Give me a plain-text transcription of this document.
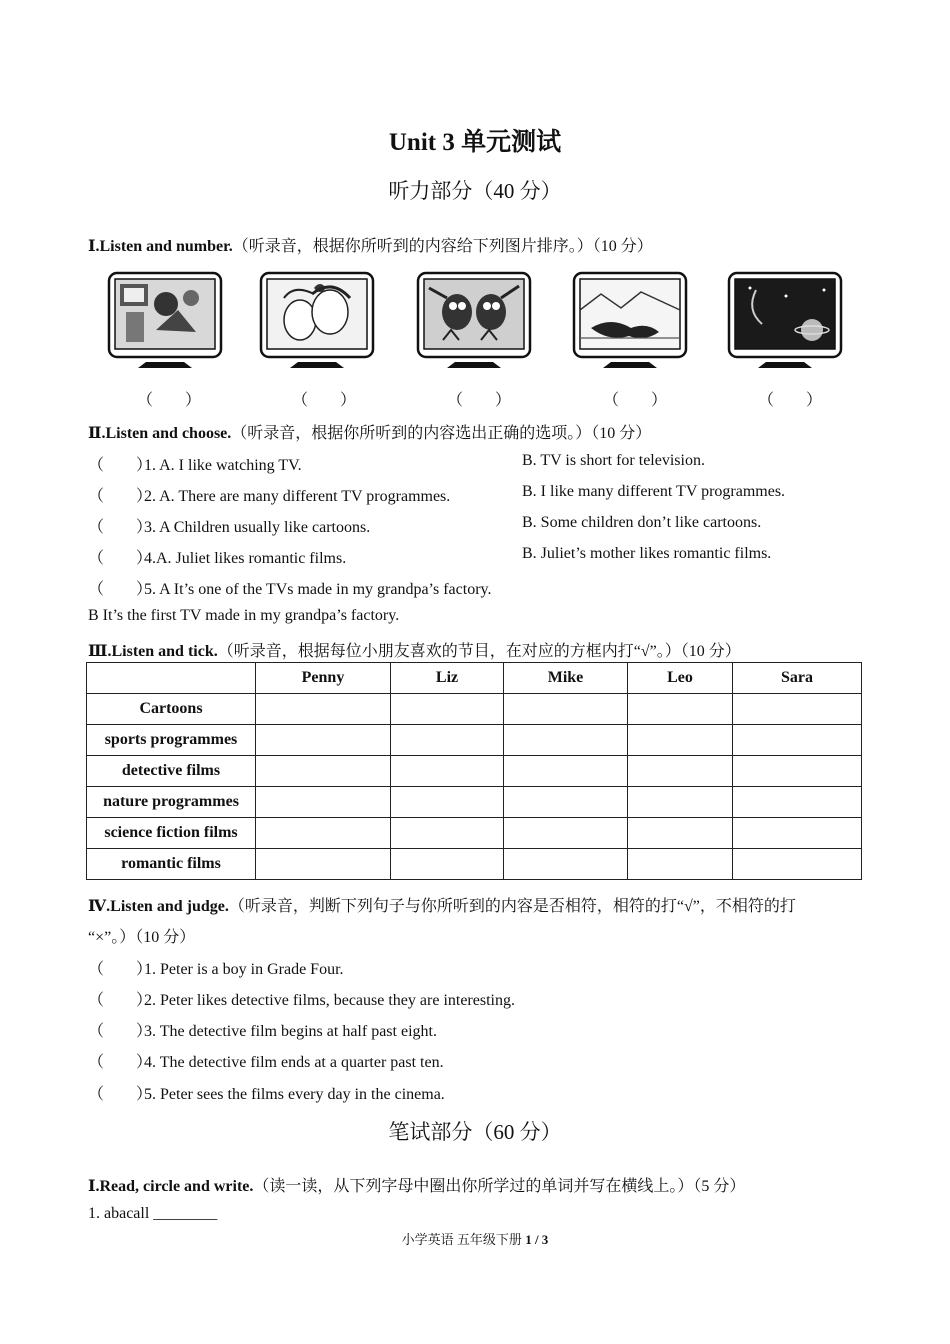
Unit 3 单元测试
听力部分（40 分）
Ⅰ.Listen and number.（听录音，根据你所听到的内容给下列图片排序。）（10 分）
（　　）	（　　）	（　　）	（　　）	（　　）
Ⅱ.Listen and choose.（听录音，根据你所听到的内容选出正确的选项。）（10 分）
（　　）1. A. I like watching TV.	B. TV is short for television.
（　　）2. A. There are many different TV programmes.	B. I like many different TV programmes.
（　　）3. A Children usually like cartoons.	B. Some children don’t like cartoons.
（　　）4.A. Juliet likes romantic films.	B. Juliet’s mother likes romantic films.
（　　）5. A It’s one of the TVs made in my grandpa’s factory.
B It’s the first TV made in my grandpa’s factory.
Ⅲ.Listen and tick.（听录音，根据每位小朋友喜欢的节目，在对应的方框内打“√”。）（10 分）
	Penny	Liz	Mike	Leo	Sara
Cartoons					
sports programmes					
detective films					
nature programmes					
science fiction films					
romantic films					
Ⅳ.Listen and judge.（听录音，判断下列句子与你所听到的内容是否相符，相符的打“√”，不相符的打
“×”。）（10 分）
（　　）1. Peter is a boy in Grade Four.
（　　）2. Peter likes detective films, because they are interesting.
（　　）3. The detective film begins at half past eight.
（　　）4. The detective film ends at a quarter past ten.
（　　）5. Peter sees the films every day in the cinema.
笔试部分（60 分）
Ⅰ.Read, circle and write.（读一读，从下列字母中圈出你所学过的单词并写在横线上。）（5 分）
1. abacall ________
小学英语 五年级下册 1 / 3
